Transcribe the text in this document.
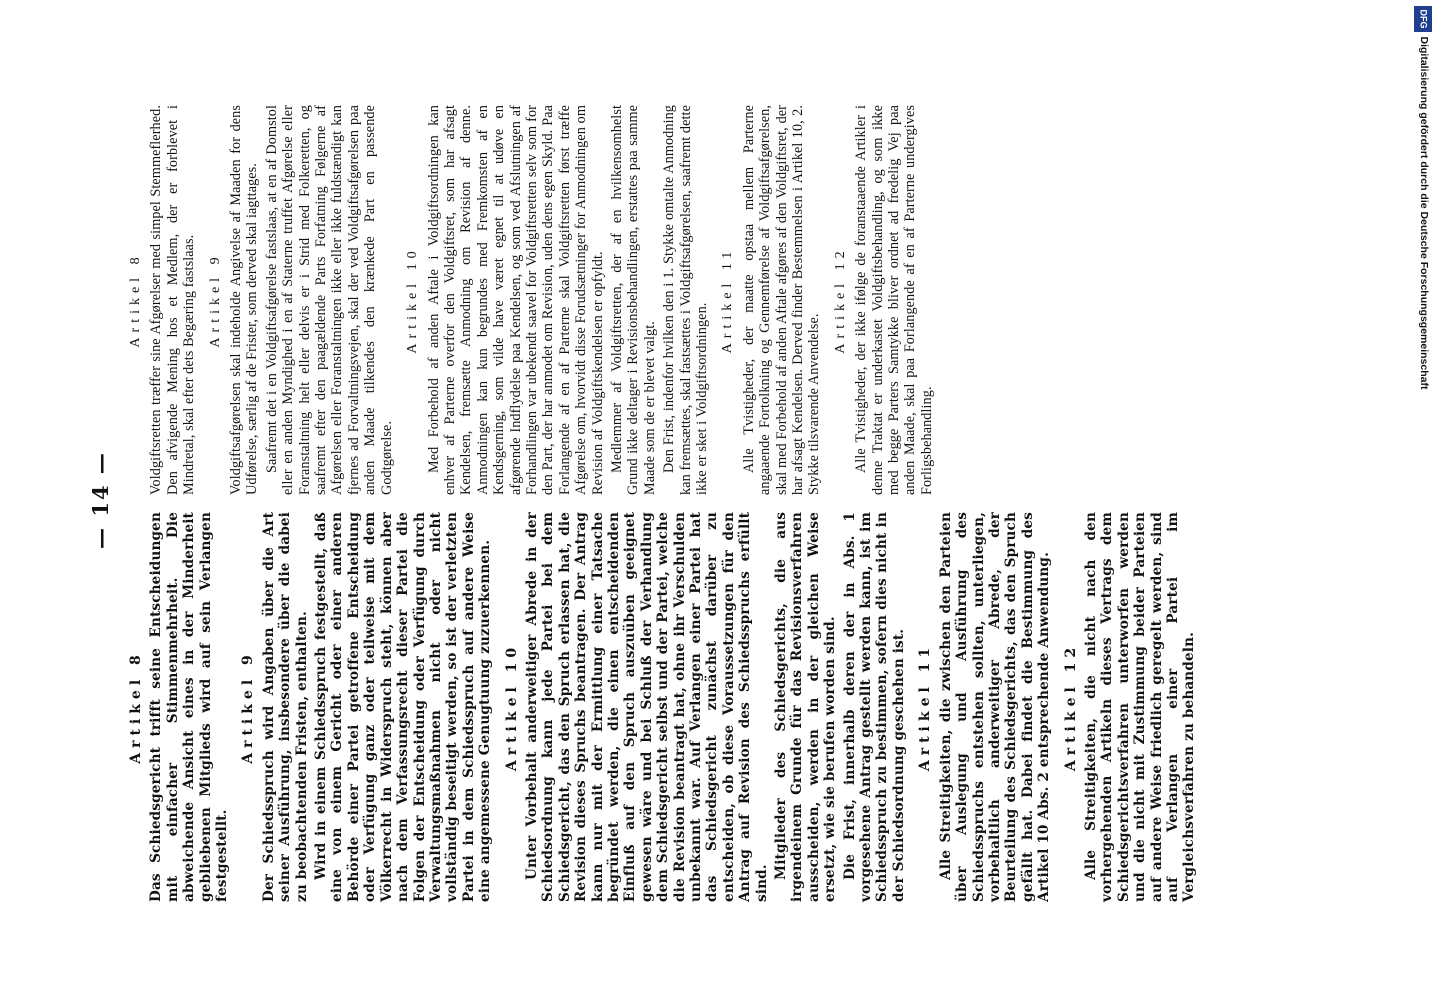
— 14 —
Artikel 8 Das Schiedsgericht trifft seine Entscheidungen mit einfacher Stimmenmehrheit. Die abweichende Ansicht eines in der Minderheit gebliebenen Mitglieds wird auf sein Verlangen festgestellt.

Artikel 9 Der Schiedsspruch wird Angaben über die Art seiner Ausführung, insbesondere über die dabei zu beobachtenden Fristen, enthalten. Wird in einem Schiedsspruch festgestellt, daß eine von einem Gericht oder einer anderen Behörde einer Partei getroffene Entscheidung oder Verfügung ganz oder teilweise mit dem Völkerrecht in Widerspruch steht, können aber nach dem Verfassungsrecht dieser Partei die Folgen der Entscheidung oder Verfügung durch Verwaltungsmaßnahmen nicht oder nicht vollständig beseitigt werden, so ist der verletzten Partei in dem Schiedsspruch auf andere Weise eine angemessene Genugtuung zuzuerkennen. Artikel 10 Unter Vorbehalt anderweitiger Abrede in der Schiedsordnung kann jede Partei bei dem Schiedsgericht, das den Spruch erlassen hat, die Revision dieses Spruchs beantragen. Der Antrag kann nur mit der Ermittlung einer Tatsache begründet werden, die einen entscheidenden Einfluß auf den Spruch auszuüben geeignet gewesen wäre und bei Schluß der Verhandlung dem Schiedsgericht selbst und der Partei, welche die Revision beantragt hat, ohne ihr Verschulden unbekannt war. Auf Verlangen einer Partei hat das Schiedsgericht zunächst darüber zu entscheiden, ob diese Voraussetzungen für den Antrag auf Revision des Schiedsspruchs erfüllt sind.

Mitglieder des Schiedsgerichts, die aus irgendeinem Grunde für das Revisionsverfahren ausscheiden, werden in der gleichen Weise ersetzt, wie sie berufen worden sind. Die Frist, innerhalb deren der in Abs. 1 vorgesehene Antrag gestellt werden kann, ist im Schiedsspruch zu bestimmen, sofern dies nicht in der Schiedsordnung geschehen ist. Artikel 11 Alle Streitigkeiten, die zwischen den Parteien über Auslegung und Ausführung des Schiedsspruchs entstehen sollten, unterliegen, vorbehaltlich anderweitiger Abrede, der Beurteilung des Schiedsgerichts, das den Spruch gefällt hat. Dabei findet die Bestimmung des Artikel 10 Abs. 2 entsprechende Anwendung. Artikel 12 Alle Streitigkeiten, die nicht nach den vorhergehenden Artikeln dieses Vertrags dem Schiedsgerichtsverfahren unterworfen werden und die nicht mit Zustimmung beider Parteien auf andere Weise friedlich geregelt werden, sind auf Verlangen einer Partei im Vergleichsverfahren zu behandeln.

Artikel 8 Voldgiftsretten træffer sine Afgørelser med simpel Stemmeflerhed. Den afvigende Mening hos et Medlem, der er forblevet i Mindretal, skal efter dets Begæring fastslaas. Artikel 9 Voldgiftsafgørelsen skal indeholde Angivelse af Maaden for dens Udførelse, særlig af de Frister, som derved skal iagttages. Saafremt det i en Voldgiftsafgørelse fastslaas, at en af Domstol eller en anden Myndighed i en af Staterne truffet Afgørelse eller Foranstaltning helt eller delvis er i Strid med Folkeretten, og saafremt efter den paagældende Parts Forfatning Følgerne af Afgørelsen eller Foranstaltningen ikke eller ikke fuldstændigt kan fjernes ad Forvaltningsvejen, skal der ved Voldgiftsafgørelsen paa anden Maade tilkendes den krænkede Part en passende Godtgørelse.

Artikel 10 Med Forbehold af anden Aftale i Voldgiftsordningen kan enhver af Parterne overfor den Voldgiftsret, som har afsagt Kendelsen, fremsætte Anmodning om Revision af denne. Anmodningen kan kun begrundes med Fremkomsten af en Kendsgerning, som vilde have været egnet til at udøve en afgørende Indflydelse paa Kendelsen, og som ved Afslutningen af Forhandlingen var ubekendt saavel for Voldgiftsretten selv som for den Part, der har anmodet om Revision, uden dens egen Skyld. Paa Forlangende af en af Parterne skal Voldgiftsretten først træffe Afgørelse om, hvorvidt disse Forudsætninger for Anmodningen om Revision af Voldgiftskendelsen er opfyldt. Medlemmer af Voldgiftsretten, der af en hvilkensomhelst Grund ikke deltager i Revisionsbehandlingen, erstattes paa samme Maade som de er blevet valgt. Den Frist, indenfor hvilken den i 1. Stykke omtalte Anmodning kan fremsættes, skal fastsættes i Voldgiftsafgørelsen, saafremt dette ikke er sket i Voldgiftsordningen.

Artikel 11 Alle Tvistigheder, der maatte opstaa mellem Parterne angaaende Fortolkning og Gennemførelse af Voldgiftsafgørelsen, skal med Forbehold af anden Aftale afgøres af den Voldgiftsret, der har afsagt Kendelsen. Derved finder Bestemmelsen i Artikel 10, 2. Stykke tilsvarende Anvendelse.

Artikel 12 Alle Tvistigheder, der ikke ifølge de foranstaaende Artikler i denne Traktat er underkastet Voldgiftsbehandling, og som ikke med begge Parters Samtykke bliver ordnet ad fredelig Vej paa anden Maade, skal paa Forlangende af en af Parterne undergives Forligsbehandling.

DFG
Digitalisierung gefördert durch die Deutsche Forschungsgemeinschaft
